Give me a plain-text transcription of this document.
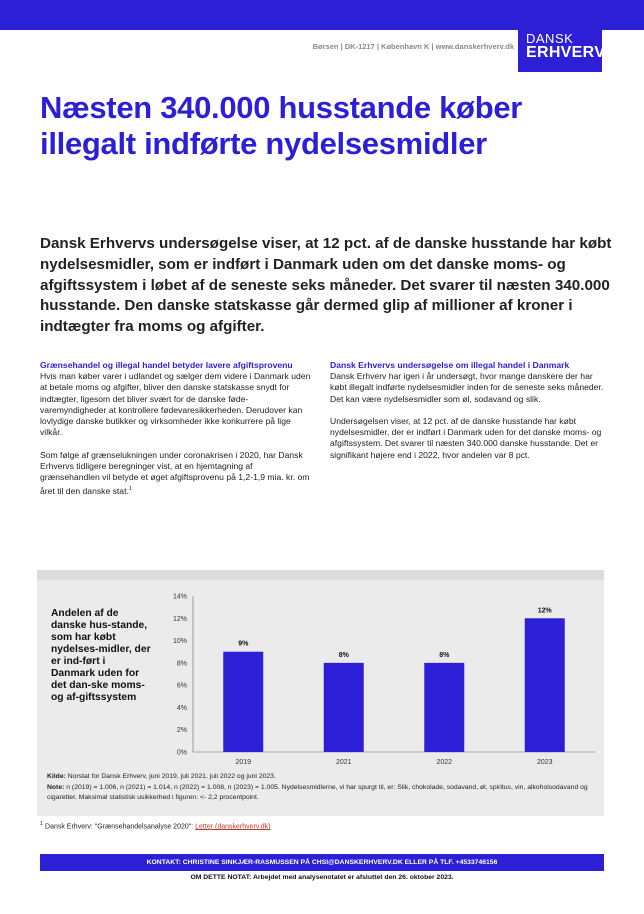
DANSK
ERHVERV
Børsen | DK-1217 | København K | www.danskerhverv.dk
Næsten 340.000 husstande køber illegalt indførte nydelsesmidler

Dansk Erhvervs undersøgelse viser, at 12 pct. af de danske husstande har købt nydelsesmidler, som er indført i Danmark uden om det danske moms- og afgiftssystem i løbet af de seneste seks måneder. Det svarer til næsten 340.000 husstande. Den danske statskasse går dermed glip af millioner af kroner i indtægter fra moms og afgifter.

Grænsehandel og illegal handel betyder lavere afgiftsprovenu

Hvis man køber varer i udlandet og sælger dem videre i Danmark uden at betale moms og afgifter, bliver den danske statskasse snydt for indtægter, ligesom det bliver svært for de danske føde-varemyndigheder at kontrollere fødevaresikkerheden. Derudover kan lovlydige danske butikker og virksomheder ikke konkurrere på lige vilkår.

Som følge af grænselukningen under coronakrisen i 2020, har Dansk Erhvervs tidligere beregninger vist, at en hjemtagning af grænsehandlen vil betyde et øget afgiftsprovenu på 1,2-1,9 mia. kr. om året til den danske stat.$^1$

Dansk Erhvervs undersøgelse om illegal handel i Danmark

Dansk Erhverv har igen i år undersøgt, hvor mange danskere der har købt illegalt indførte nydelsesmidler inden for de seneste seks måneder. Det kan være nydelsesmidler som øl, sodavand og slik.

Undersøgelsen viser, at 12 pct. af de danske husstande har købt nydelsesmidler, der er indført i Danmark uden for det danske moms- og afgiftssystem. Det svarer til næsten 340.000 danske husstande. Det er signifikant højere end i 2022, hvor andelen var 8 pct.

Andelen af de danske hus-stande, som har købt nydelses-midler, der er ind-ført i Danmark uden for det dan-ske moms- og af-giftssystem
0%
2%
4%
6%
8%
10%
12%
14%
9%
2019
8%
2021
8%
2022
12%
2023
Kilde: Norstat for Dansk Erhverv, juni 2019, juli 2021, juli 2022 og juni 2023.
Note: n (2019) = 1.006, n (2021) = 1.014, n (2022) = 1.008, n (2023) = 1.005. Nydelsesmidlerne, vi har spurgt til, er: Slik, chokolade, sodavand, øl, spiritus, vin, alkoholsodavand og cigaretter. Maksimal statistisk usikkerhed i figuren: <- 2,2 procentpoint.
$^1$ Dansk Erhverv: "Grænsehandelsanalyse 2020": Letter (danskerhverv.dk)
KONTAKT: CHRISTINE SINKJÆR-RASMUSSEN PÅ CHSI@DANSKERHVERV.DK ELLER PÅ TLF. +4533746156
OM DETTE NOTAT: Arbejdet med analysenotatet er afsluttet den 26. oktober 2023.
